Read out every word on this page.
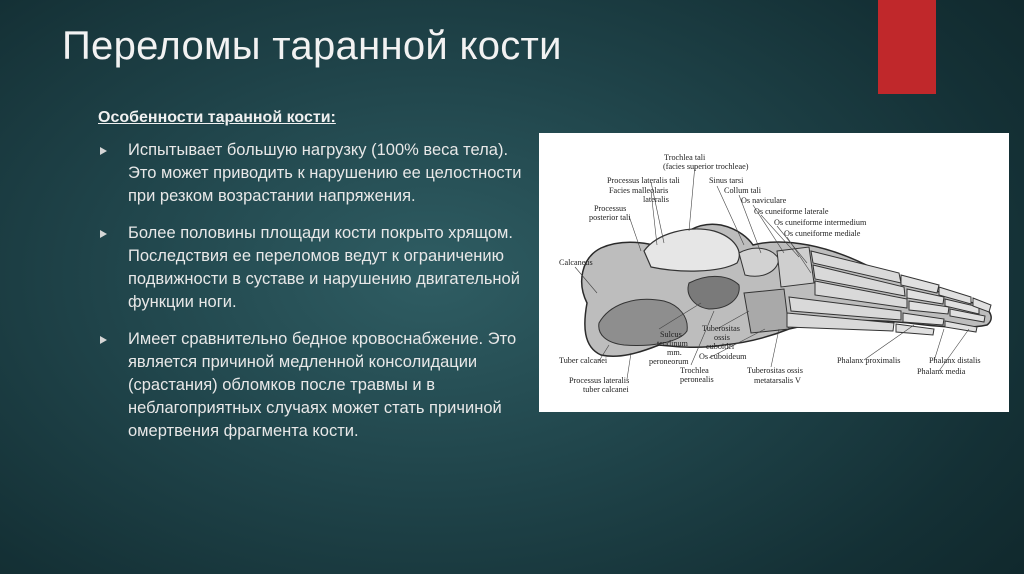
Переломы таранной кости

Особенности таранной кости:

Испытывает большую нагрузку (100% веса тела). Это может приводить к нарушению ее целостности при резком возрастании напряжения.
Более половины площади кости покрыто хрящом. Последствия ее переломов ведут к ограничению подвижности в суставе и нарушению двигательной функции ноги.
Имеет сравнительно бедное кровоснабжение. Это является причиной медленной консолидации (срастания) обломков после травмы и в неблагоприятных случаях может стать причиной омертвения фрагмента кости.
Trochlea tali
(facies superior trochleae)
Processus lateralis tali
Facies malleolaris
lateralis
Sinus tarsi
Collum tali
Processus
posterior tali
Os naviculare
Os cuneiforme laterale
Os cuneiforme intermedium
Os cuneiforme mediale
Calcaneus
Sulcus
tendinum
mm.
peroneorum
Tuberositas
ossis
cuboidei
Os cuboideum
Tuber calcanei
Trochlea
peronealis
Tuberositas ossis
metatarsalis V
Phalanx proximalis	Phalanx distalis
Phalanx media
Processus lateralis
tuber calcanei
